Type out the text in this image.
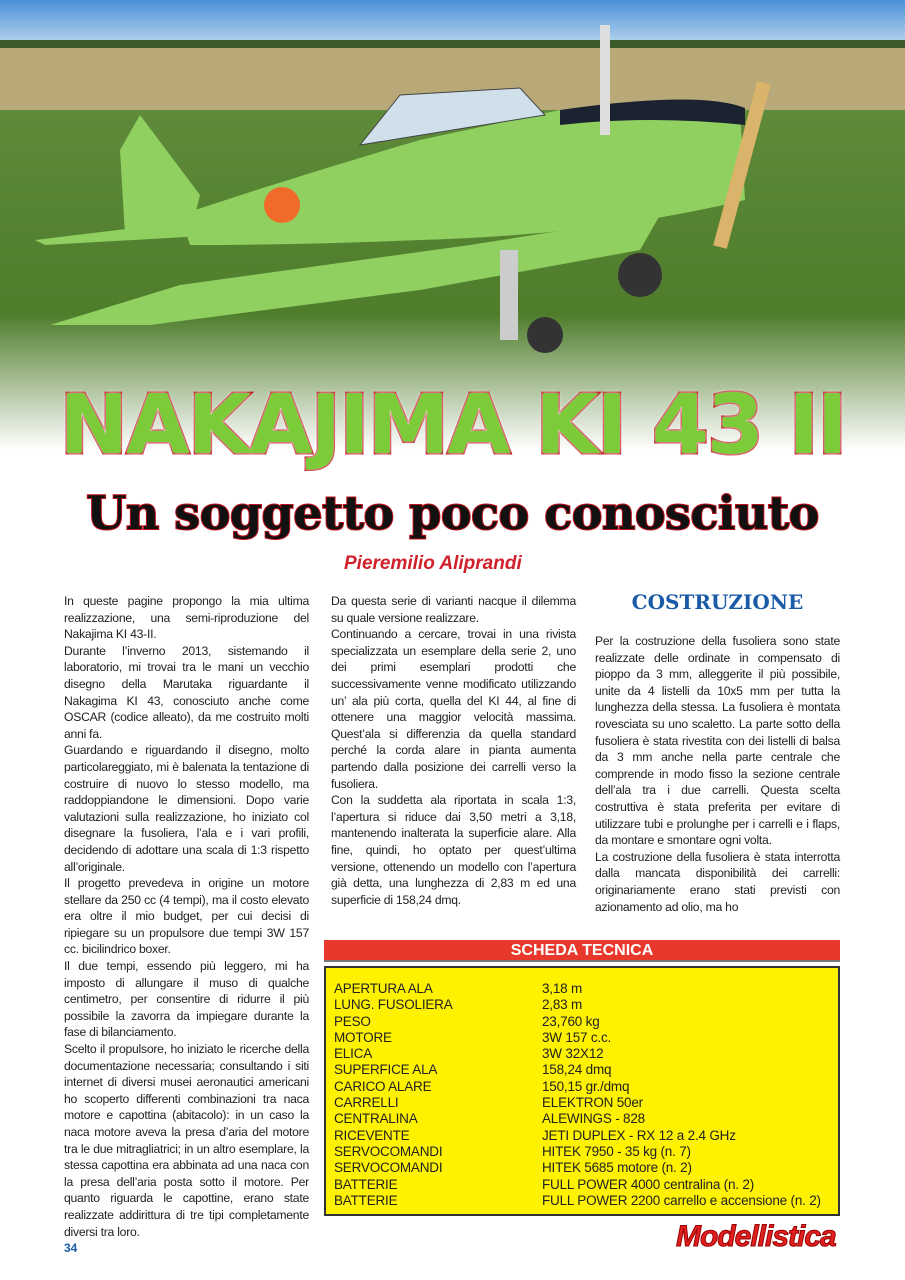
NAKAJIMA KI 43 II
Un soggetto poco conosciuto
Pieremilio Aliprandi

In queste pagine propongo la mia ultima realizzazione, una semi-riproduzione del Nakajima KI 43-II.

Durante l’inverno 2013, sistemando il laboratorio, mi trovai tra le mani un vecchio disegno della Marutaka riguardante il Nakagima KI 43, conosciuto anche come OSCAR (codice alleato), da me costruito molti anni fa.

Guardando e riguardando il disegno, molto particolareggiato, mi è balenata la tentazione di costruire di nuovo lo stesso modello, ma raddoppiandone le dimensioni. Dopo varie valutazioni sulla realizzazione, ho iniziato col disegnare la fusoliera, l’ala e i vari profili, decidendo di adottare una scala di 1:3 rispetto all’originale.

Il progetto prevedeva in origine un motore stellare da 250 cc (4 tempi), ma il costo elevato era oltre il mio budget, per cui decisi di ripiegare su un propulsore due tempi 3W 157 cc. bicilindrico boxer.

Il due tempi, essendo più leggero, mi ha imposto di allungare il muso di qualche centimetro, per consentire di ridurre il più possibile la zavorra da impiegare durante la fase di bilanciamento.

Scelto il propulsore, ho iniziato le ricerche della documentazione necessaria; consultando i siti internet di diversi musei aeronautici americani ho scoperto differenti combinazioni tra naca motore e capottina (abitacolo): in un caso la naca motore aveva la presa d’aria del motore tra le due mitragliatrici; in un altro esemplare, la stessa capottina era abbinata ad una naca con la presa dell’aria posta sotto il motore. Per quanto riguarda le capottine, erano state realizzate addirittura di tre tipi completamente diversi tra loro.

Da questa serie di varianti nacque il dilemma su quale versione realizzare.

Continuando a cercare, trovai in una rivista specializzata un esemplare della serie 2, uno dei primi esemplari prodotti che successivamente venne modificato utilizzando un’ ala più corta, quella del KI 44, al fine di ottenere una maggior velocità massima. Quest’ala si differenzia da quella standard perché la corda alare in pianta aumenta partendo dalla posizione dei carrelli verso la fusoliera.

Con la suddetta ala riportata in scala 1:3, l’apertura si riduce dai 3,50 metri a 3,18, mantenendo inalterata la superficie alare. Alla fine, quindi, ho optato per quest’ultima versione, ottenendo un modello con l’apertura già detta, una lunghezza di 2,83 m ed una superficie di 158,24 dmq.

COSTRUZIONE

Per la costruzione della fusoliera sono state realizzate delle ordinate in compensato di pioppo da 3 mm, alleggerite il più possibile, unite da 4 listelli da 10x5 mm per tutta la lunghezza della stessa. La fusoliera è montata rovesciata su uno scaletto. La parte sotto della fusoliera è stata rivestita con dei listelli di balsa da 3 mm anche nella parte centrale che comprende in modo fisso la sezione centrale dell’ala tra i due carrelli. Questa scelta costruttiva è stata preferita per evitare di utilizzare tubi e prolunghe per i carrelli e i flaps, da montare e smontare ogni volta.

La costruzione della fusoliera è stata interrotta dalla mancata disponibilità dei carrelli: originariamente erano stati previsti con azionamento ad olio, ma ho

SCHEDA TECNICA
APERTURA ALA	3,18 m
LUNG. FUSOLIERA	2,83 m
PESO	23,760 kg
MOTORE	3W 157 c.c.
ELICA	3W 32X12
SUPERFICE ALA	158,24 dmq
CARICO ALARE	150,15 gr./dmq
CARRELLI	ELEKTRON 50er
CENTRALINA	ALEWINGS - 828
RICEVENTE	JETI DUPLEX - RX 12 a 2.4 GHz
SERVOCOMANDI	HITEK 7950 - 35 kg (n. 7)
SERVOCOMANDI	HITEK 5685 motore (n. 2)
BATTERIE	FULL POWER 4000 centralina (n. 2)
BATTERIE	FULL POWER 2200 carrello e accensione (n. 2)
34	Modellistica
